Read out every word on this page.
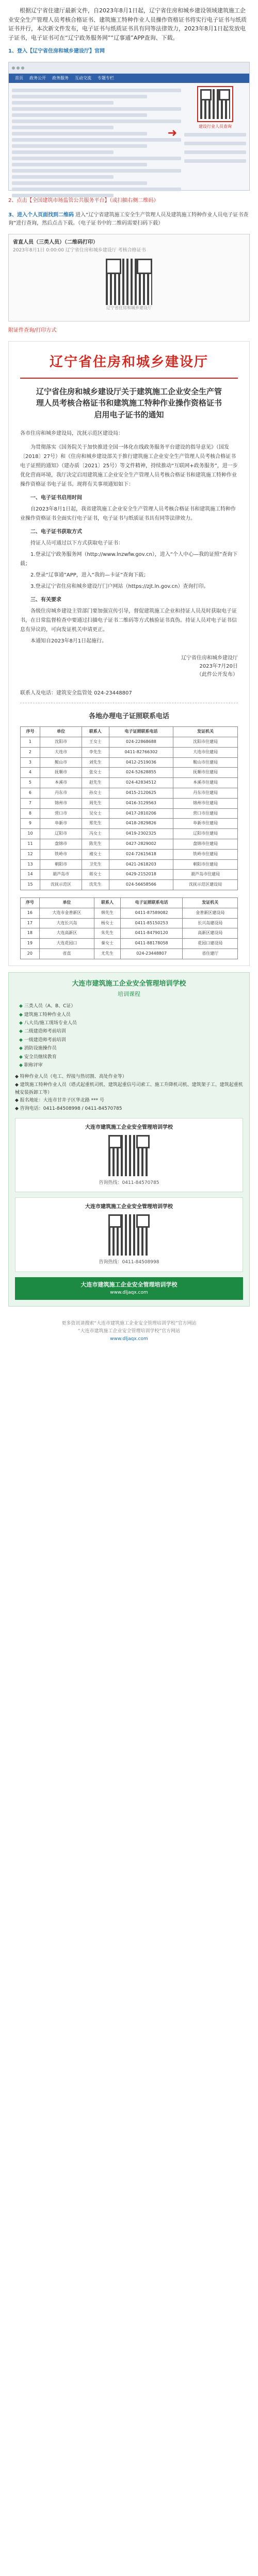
根据辽宁省住建厅最新文件，自2023年8月1日起，辽宁省住房和城乡建设领域建筑施工企业安全生产管理人员考核合格证书、建筑施工特种作业人员操作资格证书将实行电子证书与纸质证书并行，本次新文件发布，电子证书与纸质证书具有同等法律效力，2023年8月1日起发放电子证书，电子证书可在“辽宁政务服务网”“辽事通”APP查询、下载。

1、登入【辽宁省住房和城乡建设厅】官网
首页	政务公开	政务服务	互动交流	专题专栏
建设行业人员查询
➜
2、点击【全国建筑市场监管公共服务平台】（或扫描右侧二维码）
3、进入个人页面找到二维码 进入“辽宁省建筑施工安全生产管理人员及建筑施工特种作业人员电子证书查询”进行查询，然后点击下载。（电子证书中的二维码需要扫码下载）
省直人员（三类人员）（二维码打印）
2023年8月1日 0:00:00 辽宁省住房和城乡建设厅 考核合格证书
辽宁省住房和城乡建设厅
附证件查询/打印方式
辽宁省住房和城乡建设厅
辽宁省住房和城乡建设厅关于建筑施工企业安全生产管理人员考核合格证书和建筑施工特种作业操作资格证书启用电子证书的通知
各市住房和城乡建设局，沈抚示范区建设局：

为贯彻落实《国务院关于加快推进全国一体化在线政务服务平台建设的指导意见》（国发〔2018〕27号）和《住房和城乡建设部关于推行建筑施工企业安全生产管理人员考核合格证书电子证照的通知》（建办质〔2021〕25号）等文件精神，持续推动“互联网+政务服务”，进一步优化营商环境，我厅决定启用建筑施工企业安全生产管理人员考核合格证书和建筑施工特种作业操作资格证书电子证书。现将有关事项通知如下：

一、电子证书启用时间

自2023年8月1日起，我省建筑施工企业安全生产管理人员考核合格证书和建筑施工特种作业操作资格证书全面实行电子证书，电子证书与纸质证书具有同等法律效力。

二、电子证书获取方式

持证人员可通过以下方式获取电子证书：

1.登录辽宁政务服务网（http://www.lnzwfw.gov.cn），进入“个人中心—我的证照”查询下载；

2.登录“辽事通”APP，进入“我的—卡证”查询下载；

3.登录辽宁省住房和城乡建设厅门户网站（https://zjt.ln.gov.cn）查询打印。

三、有关要求

各级住房城乡建设主管部门要加强宣传引导，督促建筑施工企业和持证人员及时获取电子证书，在日常监督检查中要通过扫描电子证书二维码等方式核验证书真伪。持证人员对电子证书信息有异议的，可向发证机关申请更正。

本通知自2023年8月1日起施行。

辽宁省住房和城乡建设厅
2023年7月20日
（此件公开发布）
联系人及电话：建筑安全监管处 024-23448807
各地办理电子证照联系电话
序号	单位	联系人	电子证照联系电话	发证机关
1	沈阳市	王女士	024-22868688	沈阳市住建局
2	大连市	李先生	0411-82766302	大连市住建局
3	鞍山市	刘先生	0412-2519036	鞍山市住建局
4	抚顺市	张女士	024-52628855	抚顺市住建局
5	本溪市	赵先生	024-42834512	本溪市住建局
6	丹东市	孙女士	0415-2120625	丹东市住建局
7	锦州市	周先生	0416-3129563	锦州市住建局
8	营口市	吴女士	0417-2810206	营口市住建局
9	阜新市	郑先生	0418-2829826	阜新市住建局
10	辽阳市	冯女士	0419-2302325	辽阳市住建局
11	盘锦市	陈先生	0427-2829002	盘锦市住建局
12	铁岭市	褚女士	024-72615618	铁岭市住建局
13	朝阳市	卫先生	0421-2618203	朝阳市住建局
14	葫芦岛市	蒋女士	0429-2152018	葫芦岛市住建局
15	沈抚示范区	沈先生	024-56658566	沈抚示范区建设局
序号	单位	联系人	电子证照联系电话	发证机关
16	大连市金普新区	韩先生	0411-87589082	金普新区建设局
17	大连长兴岛	杨女士	0411-85150253	长兴岛建设局
18	大连高新区	朱先生	0411-84790120	高新区建设局
19	大连花园口	秦女士	0411-88178058	花园口建设局
20	省直	尤先生	024-23448807	省住建厅
大连市建筑施工企业安全管理培训学校
培训课程
◆ 三类人员（A、B、C证）
◆ 建筑施工特种作业人员
◆ 八大员/施工现场专业人员
◆ 二级建造师考前培训
◆ 一级建造师考前培训
◆ 消防设施操作员
◆ 安全员继续教育
◆ 职称评审
◆ 特种作业人员（电工、焊接与热切割、高处作业等）
◆ 建筑施工特种作业人员（塔式起重机司机、建筑起重信号司索工、施工升降机司机、建筑架子工、建筑起重机械安装拆卸工等）
◆ 报名地址：大连市甘井子区华北路 *** 号
◆ 咨询电话：0411-84508998 / 0411-84570785
大连市建筑施工企业安全管理培训学校
咨询热线：0411-84570785
大连市建筑施工企业安全管理培训学校
咨询热线：0411-84508998
大连市建筑施工企业安全管理培训学校
www.dljaqx.com
更多资讯请搜索“大连市建筑施工企业安全管理培训学校”官方网站
“大连市建筑施工企业安全管理培训学校”官方网站
www.dljaqx.com
